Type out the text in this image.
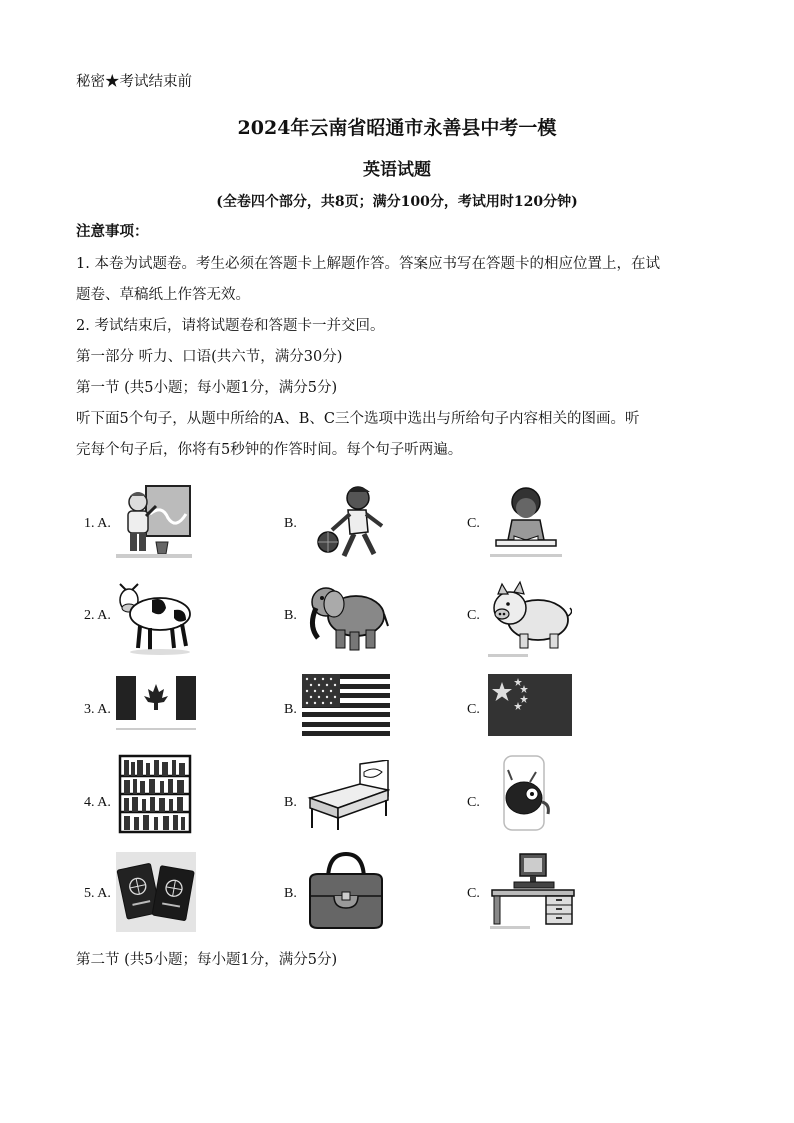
秘密★考试结束前
2024年云南省昭通市永善县中考一模
英语试题
(全卷四个部分，共8页；满分100分，考试用时120分钟)
注意事项：
1. 本卷为试题卷。考生必须在答题卡上解题作答。答案应书写在答题卡的相应位置上，在试
题卷、草稿纸上作答无效。
2. 考试结束后，请将试题卷和答题卡一并交回。
第一部分 听力、口语(共六节，满分30分)
第一节 (共5小题；每小题1分，满分5分)
听下面5个句子，从题中所给的A、B、C三个选项中选出与所给句子内容相关的图画。听
完每个句子后，你将有5秒钟的作答时间。每个句子听两遍。
1. A.	B.	C.
2. A.	B.	C.
3. A.	B.	C.
4. A.	B.	C.
5. A.	B.	C.
第二节 (共5小题；每小题1分，满分5分)
